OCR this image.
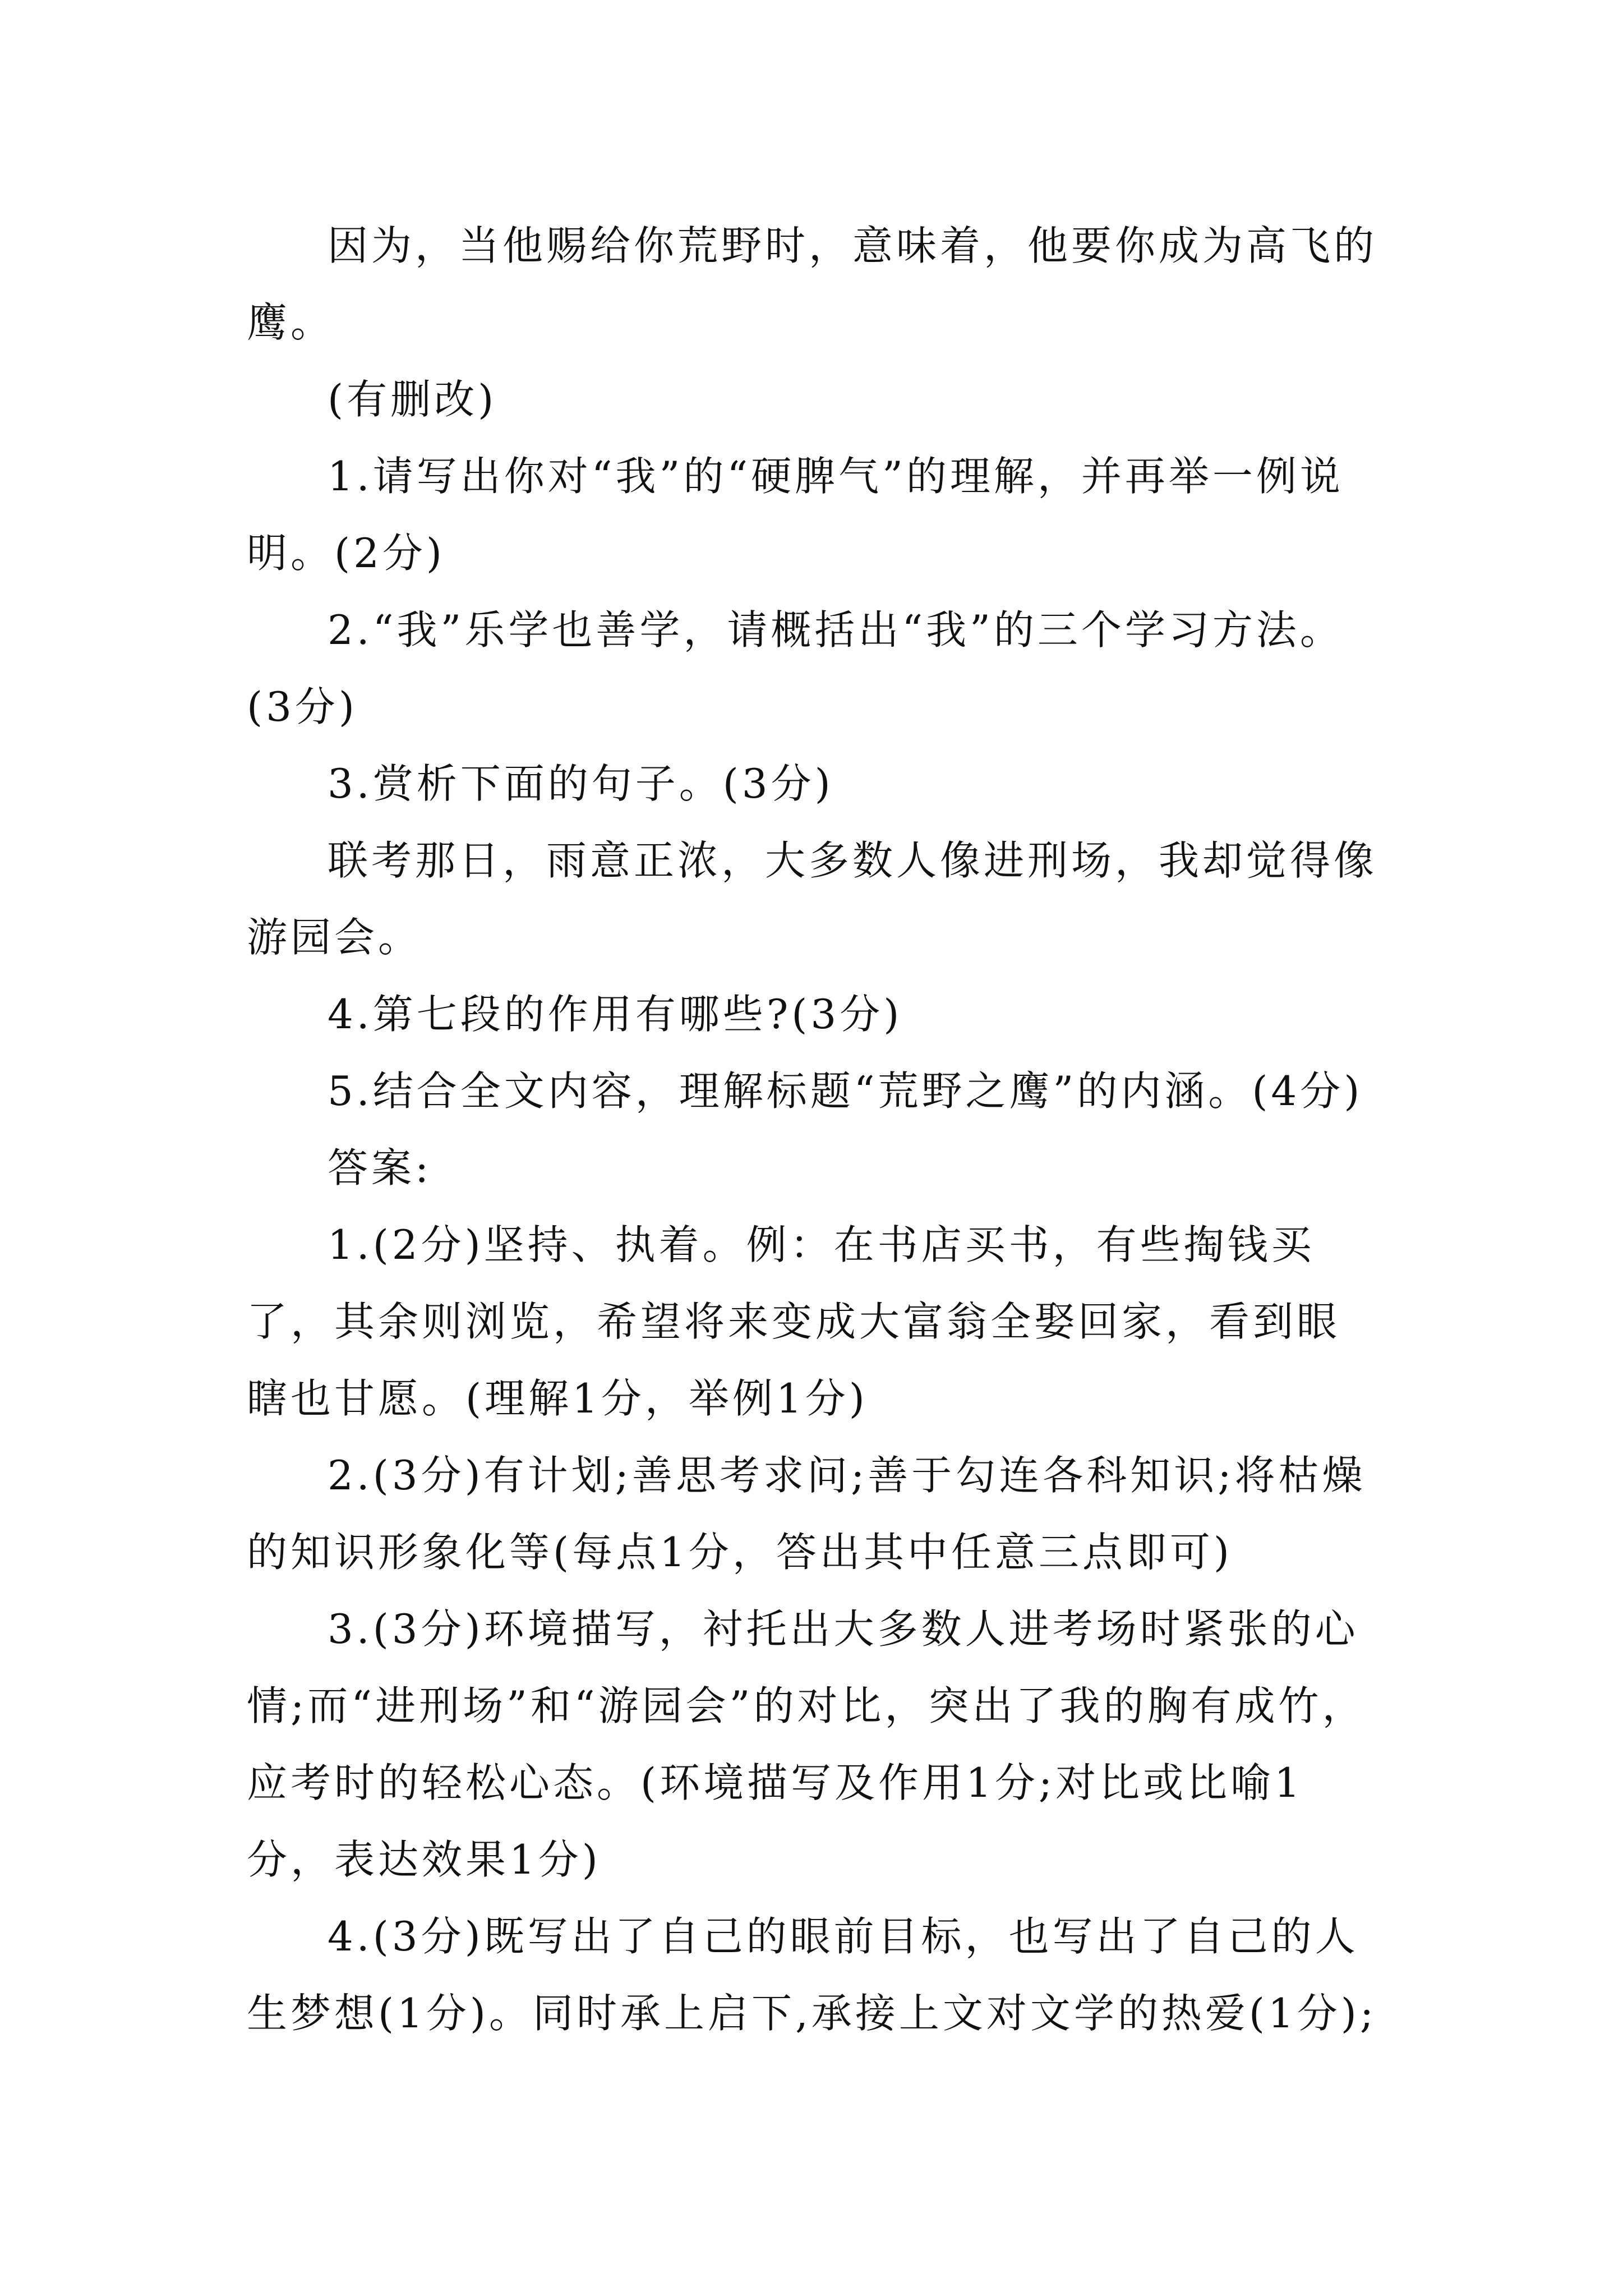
因为，当他赐给你荒野时，意味着，他要你成为高飞的鹰。

(有删改)

1.请写出你对“我”的“硬脾气”的理解，并再举一例说明。(2分)

2.“我”乐学也善学，请概括出“我”的三个学习方法。(3分)

3.赏析下面的句子。(3分)

联考那日，雨意正浓，大多数人像进刑场，我却觉得像游园会。

4.第七段的作用有哪些?(3分)

5.结合全文内容，理解标题“荒野之鹰”的内涵。(4分)

答案:

1.(2分)坚持、执着。例：在书店买书，有些掏钱买了，其余则浏览，希望将来变成大富翁全娶回家，看到眼瞎也甘愿。(理解1分，举例1分)

2.(3分)有计划;善思考求问;善于勾连各科知识;将枯燥的知识形象化等(每点1分，答出其中任意三点即可)

3.(3分)环境描写，衬托出大多数人进考场时紧张的心情;而“进刑场”和“游园会”的对比，突出了我的胸有成竹，应考时的轻松心态。(环境描写及作用1分;对比或比喻1分，表达效果1分)

4.(3分)既写出了自己的眼前目标，也写出了自己的人生梦想(1分)。同时承上启下,承接上文对文学的热爱(1分);
